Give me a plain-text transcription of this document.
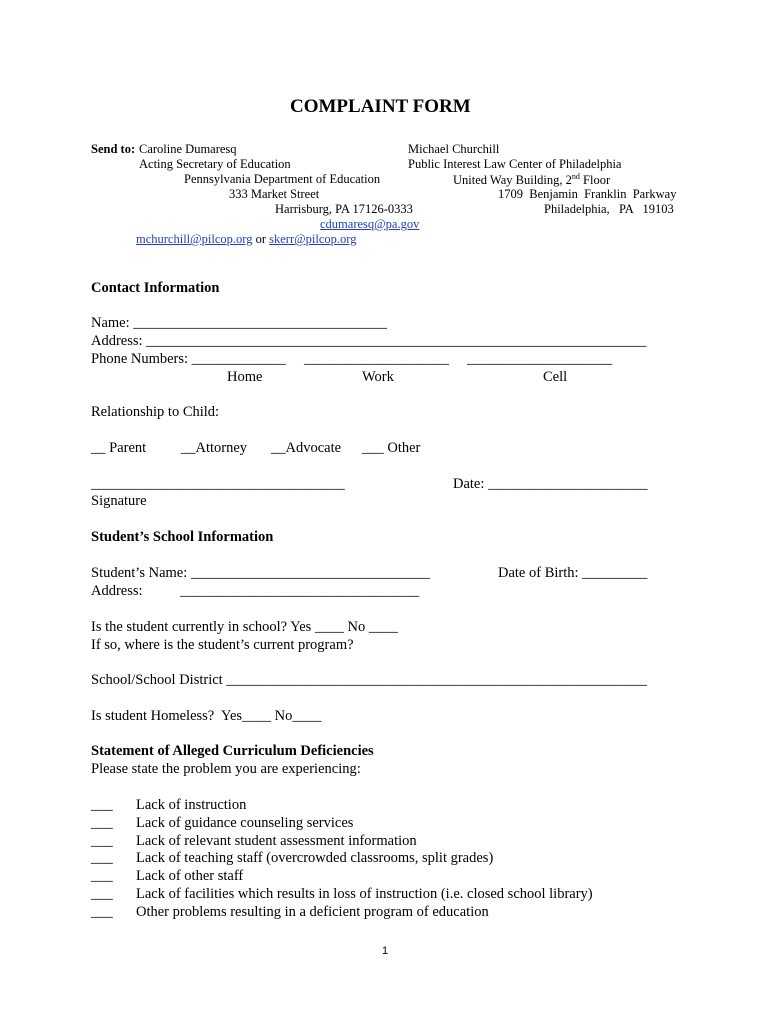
COMPLAINT FORM
Send to: Caroline Dumaresq
Acting Secretary of Education
Pennsylvania Department of Education
333 Market Street
Harrisburg, PA 17126-0333
cdumaresq@pa.gov
Michael Churchill
Public Interest Law Center of Philadelphia
United Way Building, 2nd Floor
1709  Benjamin  Franklin  Parkway
Philadelphia,   PA   19103
mchurchill@pilcop.org or skerr@pilcop.org
Contact Information
Name: ___________________________________
Address: _____________________________________________________________________
Phone Numbers: _____________     ____________________     ____________________
Home	Work	Cell
Relationship to Child:
__ Parent __Attorney __Advocate ___ Other
___________________________________
Signature
Date: ______________________
Student’s School Information
Student’s Name: _________________________________	Date of Birth: _________
Address:	_________________________________
Is the student currently in school? Yes ____ No ____
If so, where is the student’s current program?
School/School District __________________________________________________________
Is student Homeless?  Yes____ No____
Statement of Alleged Curriculum Deficiencies
Please state the problem you are experiencing:
___ Lack of instruction
___ Lack of guidance counseling services
___ Lack of relevant student assessment information
___ Lack of teaching staff (overcrowded classrooms, split grades)
___ Lack of other staff
___ Lack of facilities which results in loss of instruction (i.e. closed school library)
___ Other problems resulting in a deficient program of education
1
